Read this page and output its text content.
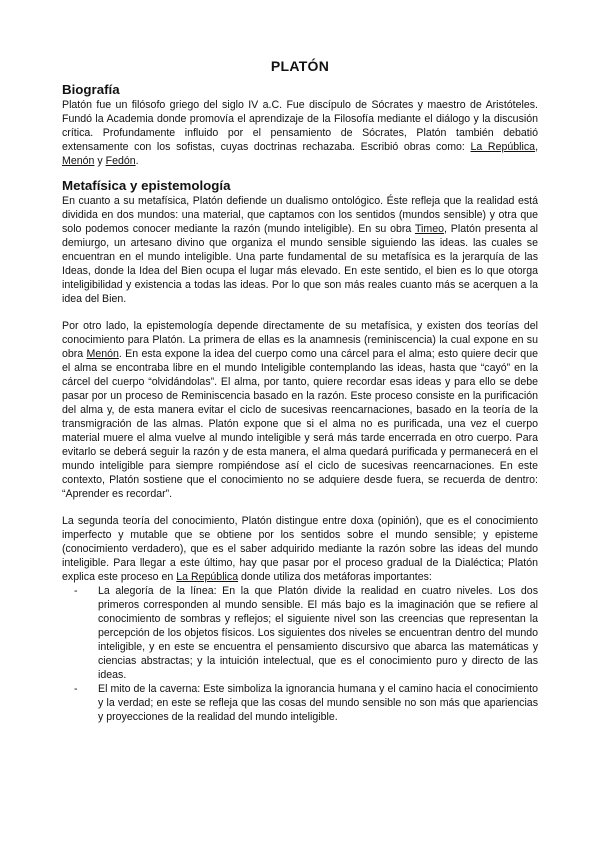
PLATÓN
Biografía

Platón fue un filósofo griego del siglo IV a.C. Fue discípulo de Sócrates y maestro de Aristóteles. Fundó la Academia donde promovía el aprendizaje de la Filosofía mediante el diálogo y la discusión crítica. Profundamente influido por el pensamiento de Sócrates, Platón también debatió extensamente con los sofistas, cuyas doctrinas rechazaba. Escribió obras como: La República, Menón y Fedón.

Metafísica y epistemología

En cuanto a su metafísica, Platón defiende un dualismo ontológico. Éste refleja que la realidad está dividida en dos mundos: una material, que captamos con los sentidos (mundos sensible) y otra que solo podemos conocer mediante la razón (mundo inteligible). En su obra Timeo, Platón presenta al demiurgo, un artesano divino que organiza el mundo sensible siguiendo las ideas. las cuales se encuentran en el mundo inteligible. Una parte fundamental de su metafísica es la jerarquía de las Ideas, donde la Idea del Bien ocupa el lugar más elevado. En este sentido, el bien es lo que otorga inteligibilidad y existencia a todas las ideas. Por lo que son más reales cuanto más se acerquen a la idea del Bien.

Por otro lado, la epistemología depende directamente de su metafísica, y existen dos teorías del conocimiento para Platón. La primera de ellas es la anamnesis (reminiscencia) la cual expone en su obra Menón. En esta expone la idea del cuerpo como una cárcel para el alma; esto quiere decir que el alma se encontraba libre en el mundo Inteligible contemplando las ideas, hasta que “cayó” en la cárcel del cuerpo “olvidándolas”. El alma, por tanto, quiere recordar esas ideas y para ello se debe pasar por un proceso de Reminiscencia basado en la razón. Este proceso consiste en la purificación del alma y, de esta manera evitar el ciclo de sucesivas reencarnaciones, basado en la teoría de la transmigración de las almas. Platón expone que si el alma no es purificada, una vez el cuerpo material muere el alma vuelve al mundo inteligible y será más tarde encerrada en otro cuerpo. Para evitarlo se deberá seguir la razón y de esta manera, el alma quedará purificada y permanecerá en el mundo inteligible para siempre rompiéndose así el ciclo de sucesivas reencarnaciones. En este contexto, Platón sostiene que el conocimiento no se adquiere desde fuera, se recuerda de dentro: “Aprender es recordar”.

La segunda teoría del conocimiento, Platón distingue entre doxa (opinión), que es el conocimiento imperfecto y mutable que se obtiene por los sentidos sobre el mundo sensible; y episteme (conocimiento verdadero), que es el saber adquirido mediante la razón sobre las ideas del mundo inteligible. Para llegar a este último, hay que pasar por el proceso gradual de la Dialéctica; Platón explica este proceso en La República donde utiliza dos metáforas importantes:

- La alegoría de la línea: En la que Platón divide la realidad en cuatro niveles. Los dos primeros corresponden al mundo sensible. El más bajo es la imaginación que se refiere al conocimiento de sombras y reflejos; el siguiente nivel son las creencias que representan la percepción de los objetos físicos. Los siguientes dos niveles se encuentran dentro del mundo inteligible, y en este se encuentra el pensamiento discursivo que abarca las matemáticas y ciencias abstractas; y la intuición intelectual, que es el conocimiento puro y directo de las ideas.
- El mito de la caverna: Este simboliza la ignorancia humana y el camino hacia el conocimiento y la verdad; en este se refleja que las cosas del mundo sensible no son más que apariencias y proyecciones de la realidad del mundo inteligible.
